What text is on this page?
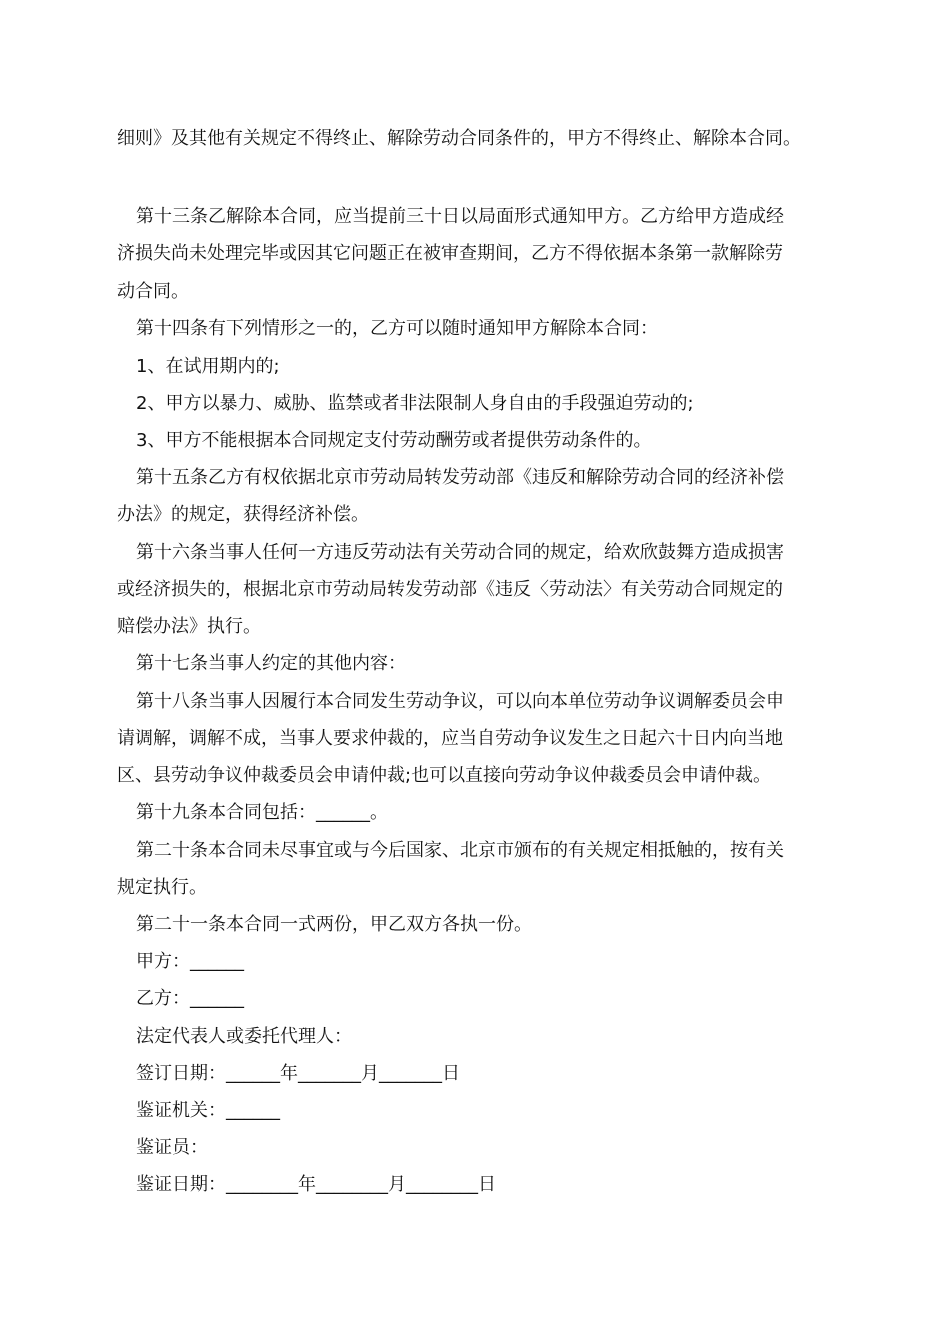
细则》及其他有关规定不得终止、解除劳动合同条件的，甲方不得终止、解除本合同。
第十三条乙解除本合同，应当提前三十日以局面形式通知甲方。乙方给甲方造成经
济损失尚未处理完毕或因其它问题正在被审查期间，乙方不得依据本条第一款解除劳
动合同。
第十四条有下列情形之一的，乙方可以随时通知甲方解除本合同：
1、在试用期内的;
2、甲方以暴力、威胁、监禁或者非法限制人身自由的手段强迫劳动的;
3、甲方不能根据本合同规定支付劳动酬劳或者提供劳动条件的。
第十五条乙方有权依据北京市劳动局转发劳动部《违反和解除劳动合同的经济补偿
办法》的规定，获得经济补偿。
第十六条当事人任何一方违反劳动法有关劳动合同的规定，给欢欣鼓舞方造成损害
或经济损失的，根据北京市劳动局转发劳动部《违反〈劳动法〉有关劳动合同规定的
赔偿办法》执行。
第十七条当事人约定的其他内容：
第十八条当事人因履行本合同发生劳动争议，可以向本单位劳动争议调解委员会申
请调解，调解不成，当事人要求仲裁的，应当自劳动争议发生之日起六十日内向当地
区、县劳动争议仲裁委员会申请仲裁;也可以直接向劳动争议仲裁委员会申请仲裁。
第十九条本合同包括：______。
第二十条本合同未尽事宜或与今后国家、北京市颁布的有关规定相抵触的，按有关
规定执行。
第二十一条本合同一式两份，甲乙双方各执一份。
甲方：______
乙方：______
法定代表人或委托代理人：
签订日期：______年_______月_______日
鉴证机关：______
鉴证员：
鉴证日期：________年________月________日
